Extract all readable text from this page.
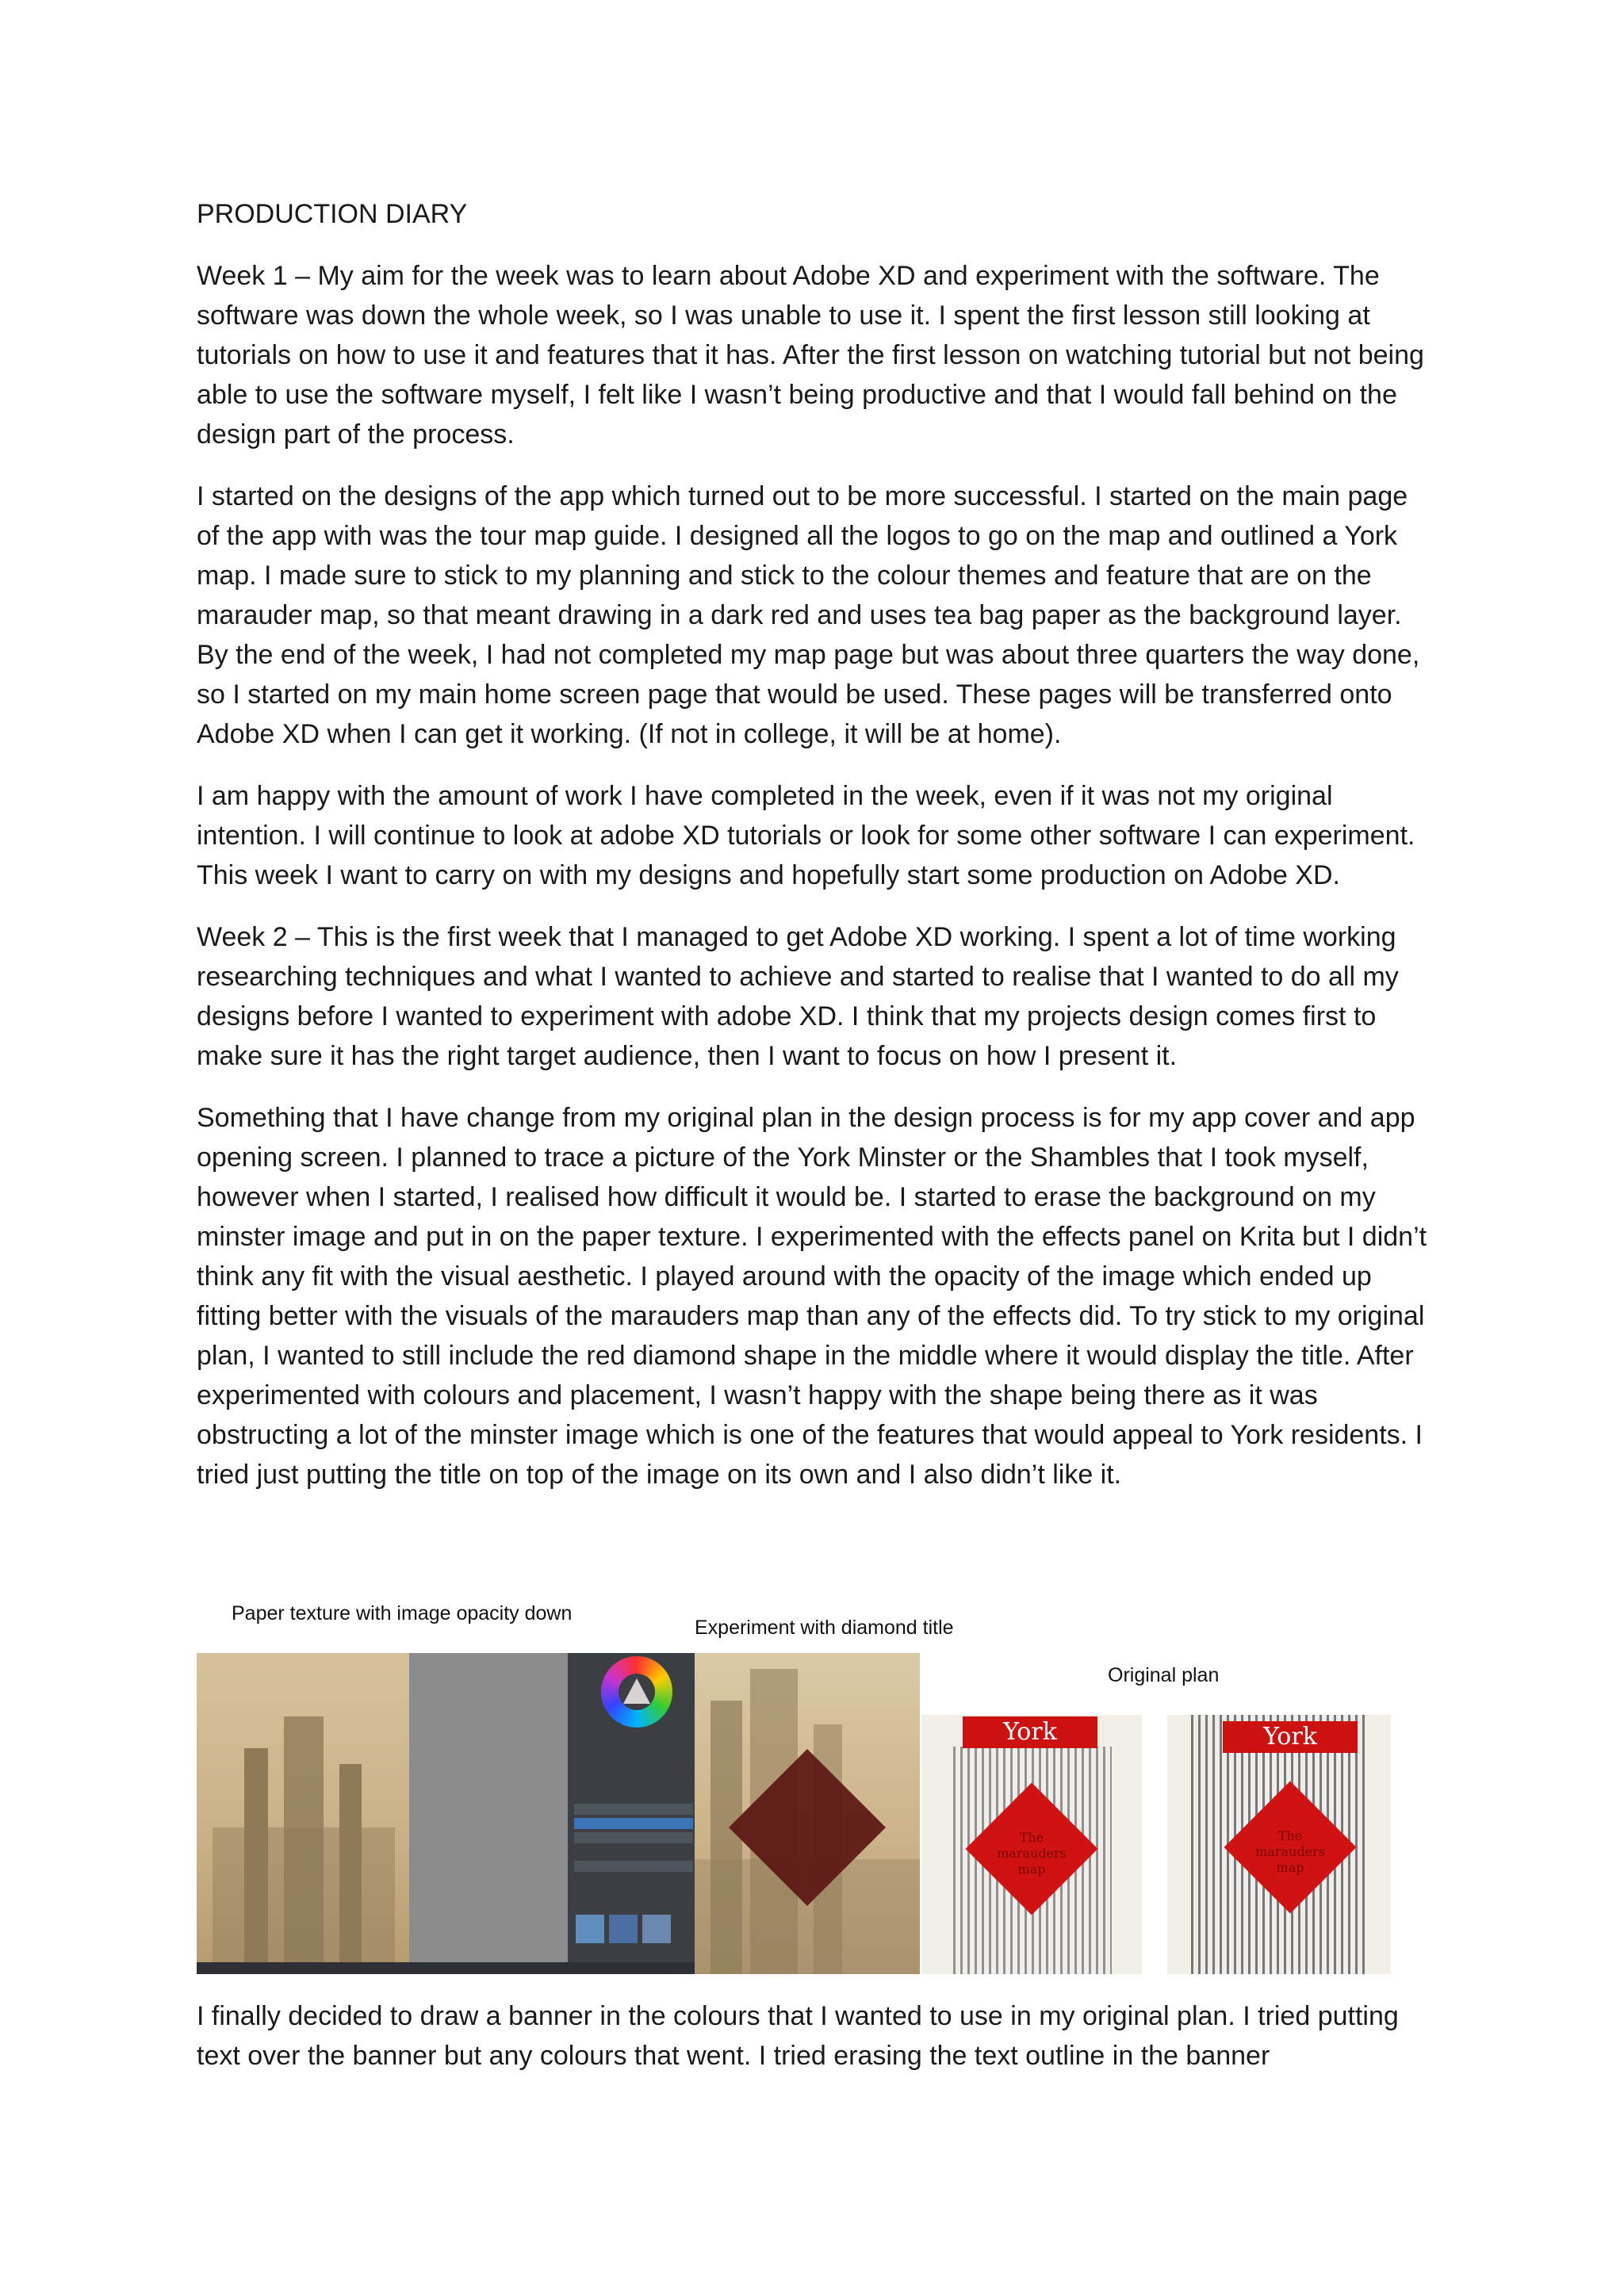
PRODUCTION DIARY

Week 1 – My aim for the week was to learn about Adobe XD and experiment with the software. The software was down the whole week, so I was unable to use it. I spent the first lesson still looking at tutorials on how to use it and features that it has. After the first lesson on watching tutorial but not being able to use the software myself, I felt like I wasn’t being productive and that I would fall behind on the design part of the process.

I started on the designs of the app which turned out to be more successful. I started on the main page of the app with was the tour map guide. I designed all the logos to go on the map and outlined a York map. I made sure to stick to my planning and stick to the colour themes and feature that are on the marauder map, so that meant drawing in a dark red and uses tea bag paper as the background layer. By the end of the week, I had not completed my map page but was about three quarters the way done, so I started on my main home screen page that would be used. These pages will be transferred onto Adobe XD when I can get it working. (If not in college, it will be at home).

I am happy with the amount of work I have completed in the week, even if it was not my original intention. I will continue to look at adobe XD tutorials or look for some other software I can experiment. This week I want to carry on with my designs and hopefully start some production on Adobe XD.

Week 2 – This is the first week that I managed to get Adobe XD working. I spent a lot of time working researching techniques and what I wanted to achieve and started to realise that I wanted to do all my designs before I wanted to experiment with adobe XD. I think that my projects design comes first to make sure it has the right target audience, then I want to focus on how I present it.

Something that I have change from my original plan in the design process is for my app cover and app opening screen. I planned to trace a picture of the York Minster or the Shambles that I took myself, however when I started, I realised how difficult it would be. I started to erase the background on my minster image and put in on the paper texture. I experimented with the effects panel on Krita but I didn’t think any fit with the visual aesthetic. I played around with the opacity of the image which ended up fitting better with the visuals of the marauders map than any of the effects did. To try stick to my original plan, I wanted to still include the red diamond shape in the middle where it would display the title. After experimented with colours and placement, I wasn’t happy with the shape being there as it was obstructing a lot of the minster image which is one of the features that would appeal to York residents. I tried just putting the title on top of the image on its own and I also didn’t like it.

Paper texture with image opacity down
Experiment with diamond title
Original plan
York
The marauders map
York
The marauders map

I finally decided to draw a banner in the colours that I wanted to use in my original plan. I tried putting text over the banner but any colours that went. I tried erasing the text outline in the banner
